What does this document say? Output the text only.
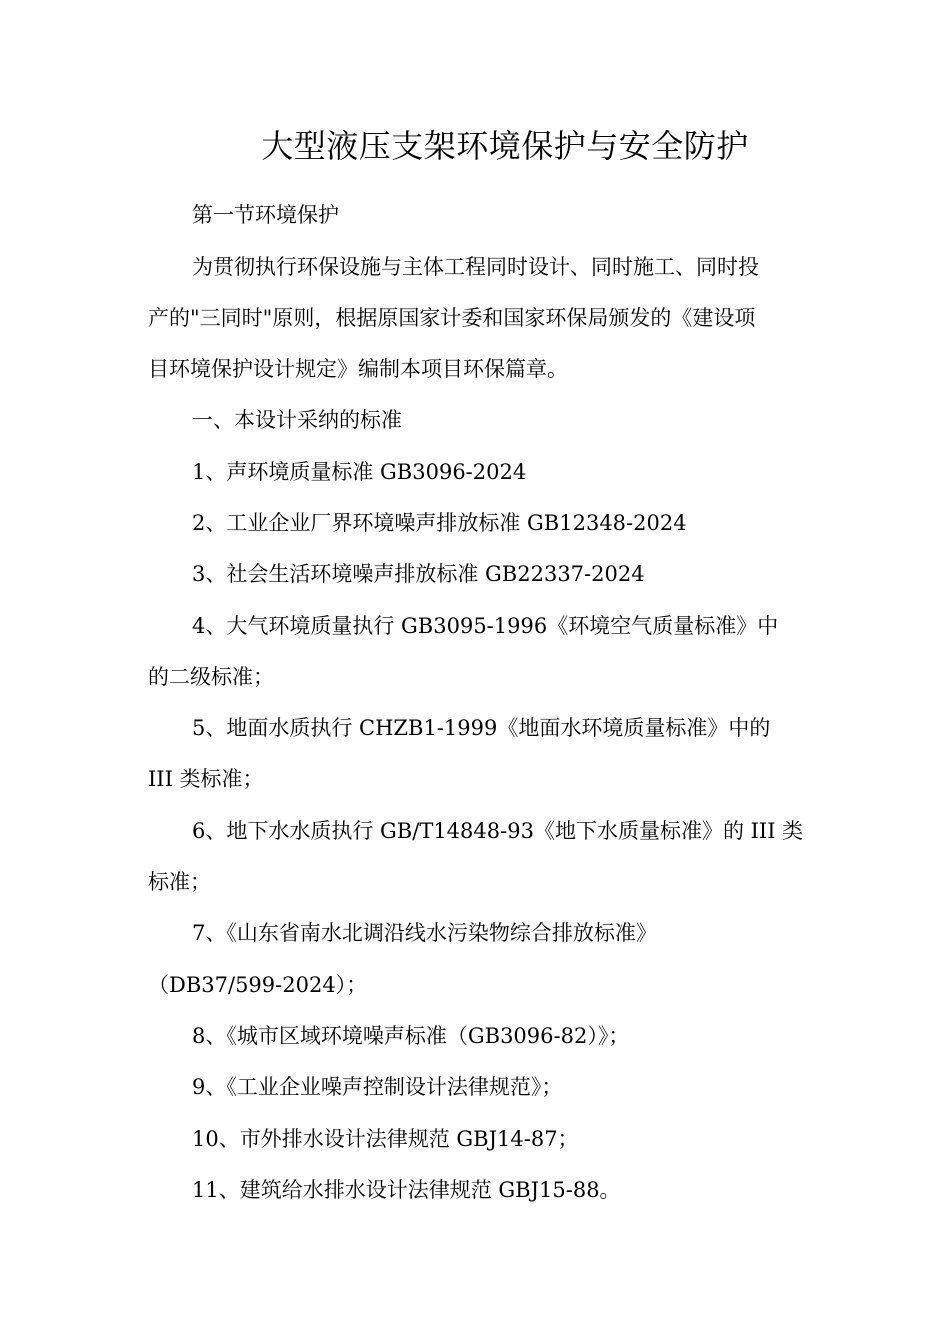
大型液压支架环境保护与安全防护

第一节环境保护

为贯彻执行环保设施与主体工程同时设计、同时施工、同时投

产的"三同时"原则，根据原国家计委和国家环保局颁发的《建设项

目环境保护设计规定》编制本项目环保篇章。

一、本设计采纳的标准

1、声环境质量标准 GB3096-2024

2、工业企业厂界环境噪声排放标准 GB12348-2024

3、社会生活环境噪声排放标准 GB22337-2024

4、大气环境质量执行 GB3095-1996《环境空气质量标准》中

的二级标准；

5、地面水质执行 CHZB1-1999《地面水环境质量标准》中的

III 类标准；

6、地下水水质执行 GB/T14848-93《地下水质量标准》的 III 类

标准；

7、《山东省南水北调沿线水污染物综合排放标准》

（DB37/599-2024）；

8、《城市区域环境噪声标准（GB3096-82）》；

9、《工业企业噪声控制设计法律规范》；

10、市外排水设计法律规范 GBJ14-87；

11、建筑给水排水设计法律规范 GBJ15-88。
